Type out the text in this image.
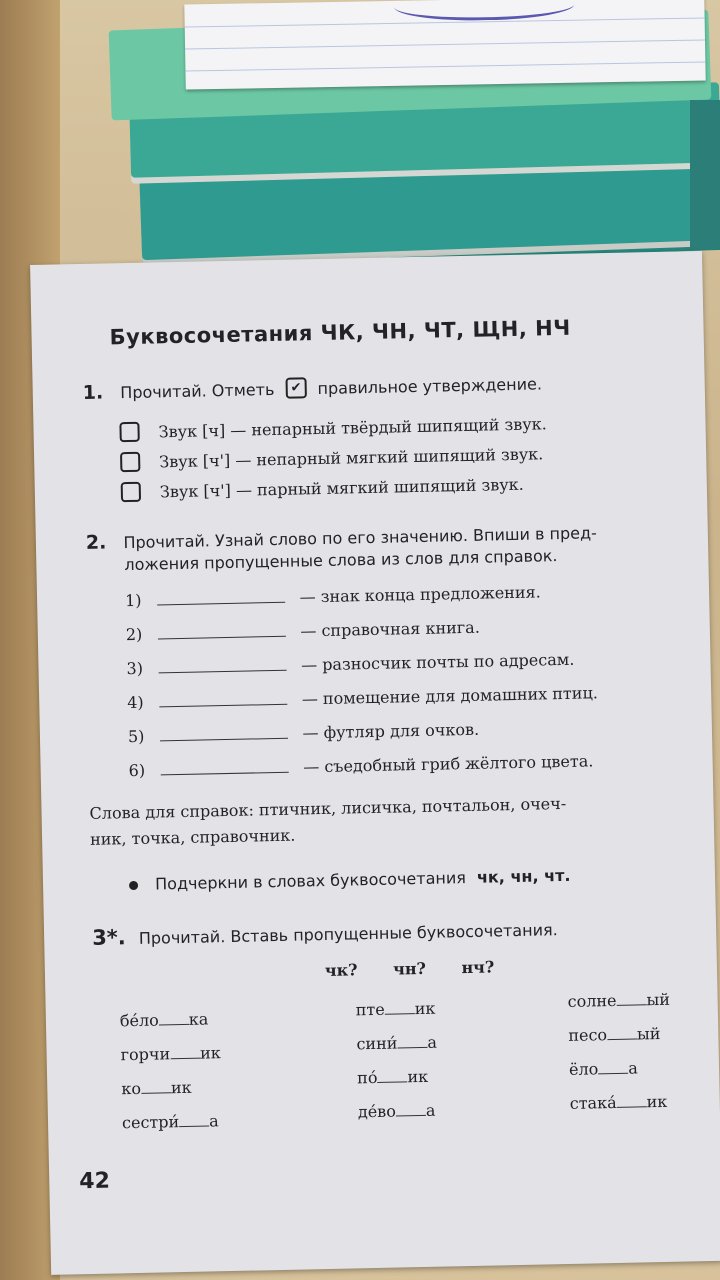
Буквосочетания ЧК, ЧН, ЧТ, ЩН, НЧ
1. Прочитай. Отметь ✔ правильное утверждение.
Звук [ч] — непарный твёрдый шипящий звук.
Звук [ч'] — непарный мягкий шипящий звук.
Звук [ч'] — парный мягкий шипящий звук.
2. Прочитай. Узнай слово по его значению. Впиши в пред-
ложения пропущенные слова из слов для справок.
1)	— знак конца предложения.
2)	— справочная книга.
3)	— разносчик почты по адресам.
4)	— помещение для домашних птиц.
5)	— футляр для очков.
6)	— съедобный гриб жёлтого цвета.
Слова для справок: птичник, лисичка, почтальон, очеч-
ник, точка, справочник.
Подчеркни в словах буквосочетания чк, чн, чт.
3*. Прочитай. Вставь пропущенные буквосочетания.
чк? чн? нч?
бе́ло ка
горчи ик
ко ик
сестри́ а
пте ик
сини́ а
по́ ик
де́во а
солне ый
песо ый
ёло а
стака́ ик
42
